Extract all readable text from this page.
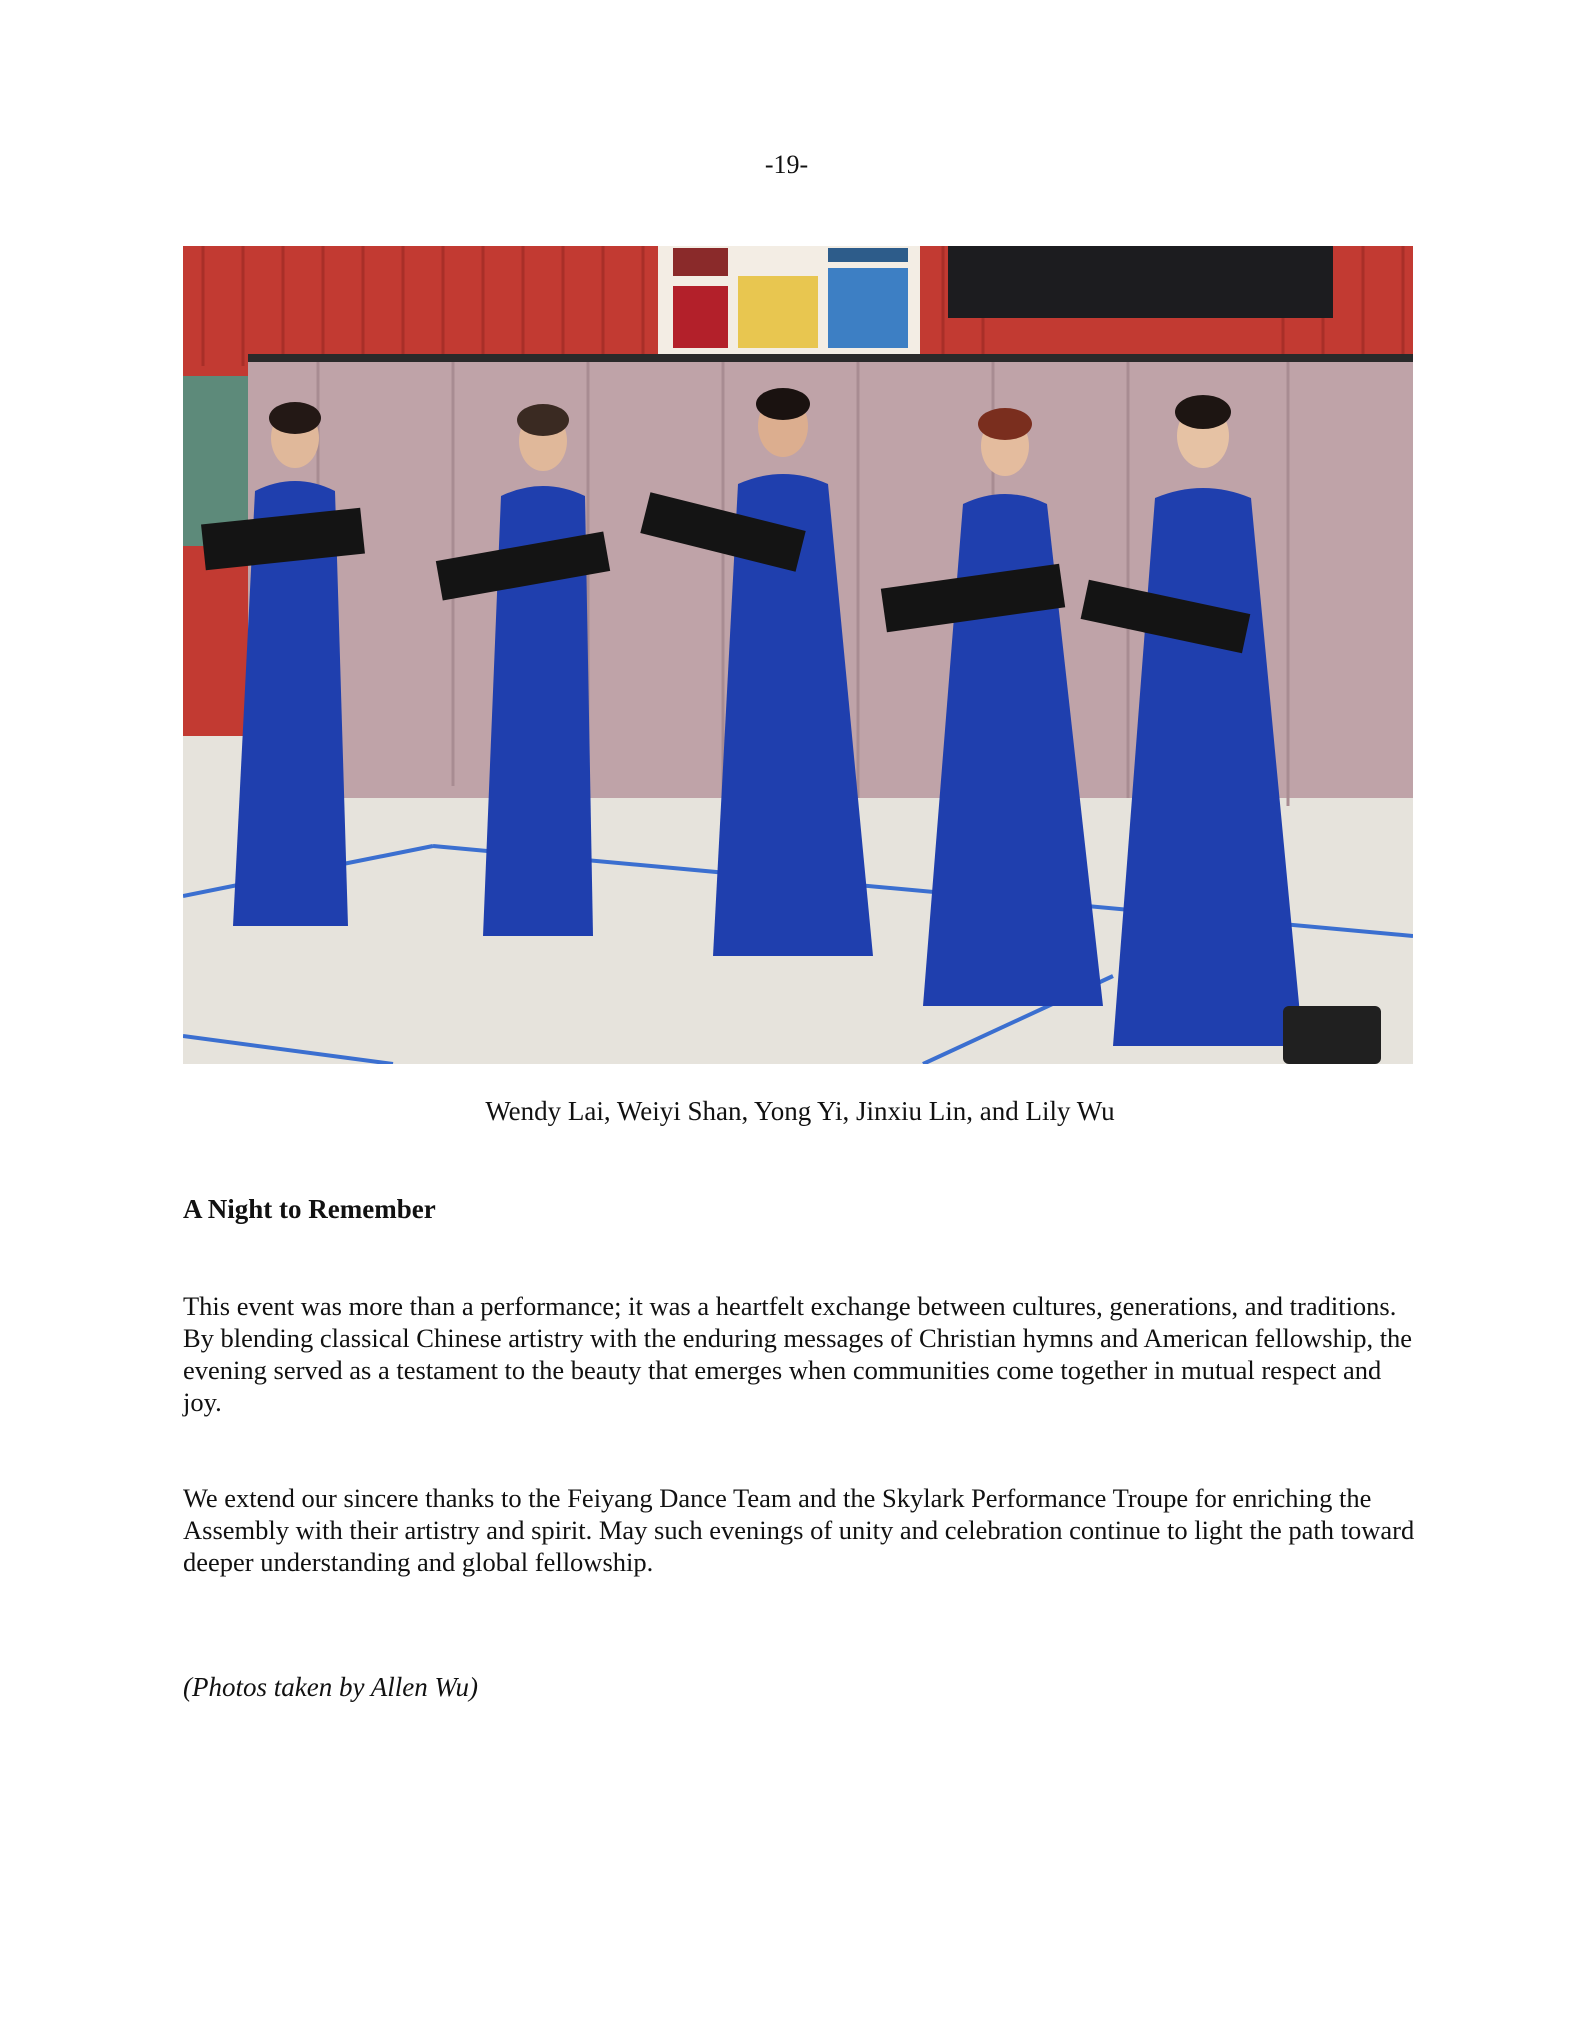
-19-
Wendy Lai, Weiyi Shan, Yong Yi, Jinxiu Lin, and Lily Wu
A Night to Remember

This event was more than a performance; it was a heartfelt exchange between cultures, generations, and traditions. By blending classical Chinese artistry with the enduring messages of Christian hymns and American fellowship, the evening served as a testament to the beauty that emerges when communities come together in mutual respect and joy.

We extend our sincere thanks to the Feiyang Dance Team and the Skylark Performance Troupe for enriching the Assembly with their artistry and spirit. May such evenings of unity and celebration continue to light the path toward deeper understanding and global fellowship.

(Photos taken by Allen Wu)
